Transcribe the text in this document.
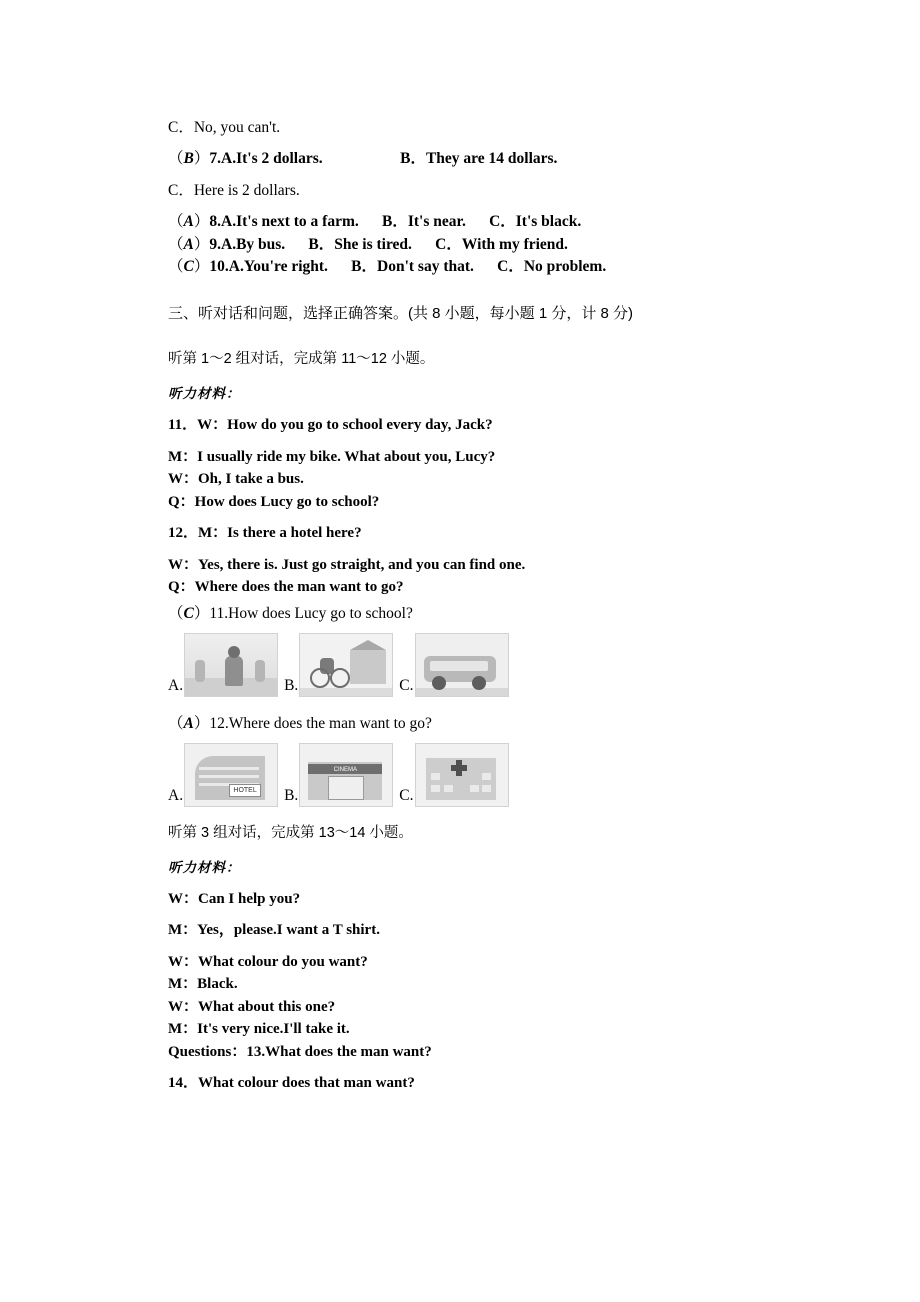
C．No, you can't.

（B）7.A.It's 2 dollars.                    B．They are 14 dollars.

C．Here is 2 dollars.

（A）8.A.It's next to a farm.      B．It's near.      C．It's black.

（A）9.A.By bus.      B．She is tired.      C．With my friend.

（C）10.A.You're right.      B．Don't say that.      C．No problem.

三、听对话和问题，选择正确答案。(共 8 小题，每小题 1 分，计 8 分)

听第 1～2 组对话，完成第 11～12 小题。

听力材料：

11．W：How do you go to school every day, Jack?

M：I usually ride my bike. What about you, Lucy?

W：Oh, I take a bus.

Q：How does Lucy go to school?

12．M：Is there a hotel here?

W：Yes, there is. Just go straight, and you can find one.

Q：Where does the man want to go?

（C）11.How does Lucy go to school?

A.	B.	C.

（A）12.Where does the man want to go?

A.	HOTEL B.
CINEMA
C.

听第 3 组对话，完成第 13～14 小题。

听力材料：

W：Can I help you?

M：Yes，please.I want a T shirt.

W：What colour do you want?

M：Black.

W：What about this one?

M：It's very nice.I'll take it.

Questions：13.What does the man want?

14．What colour does that man want?
